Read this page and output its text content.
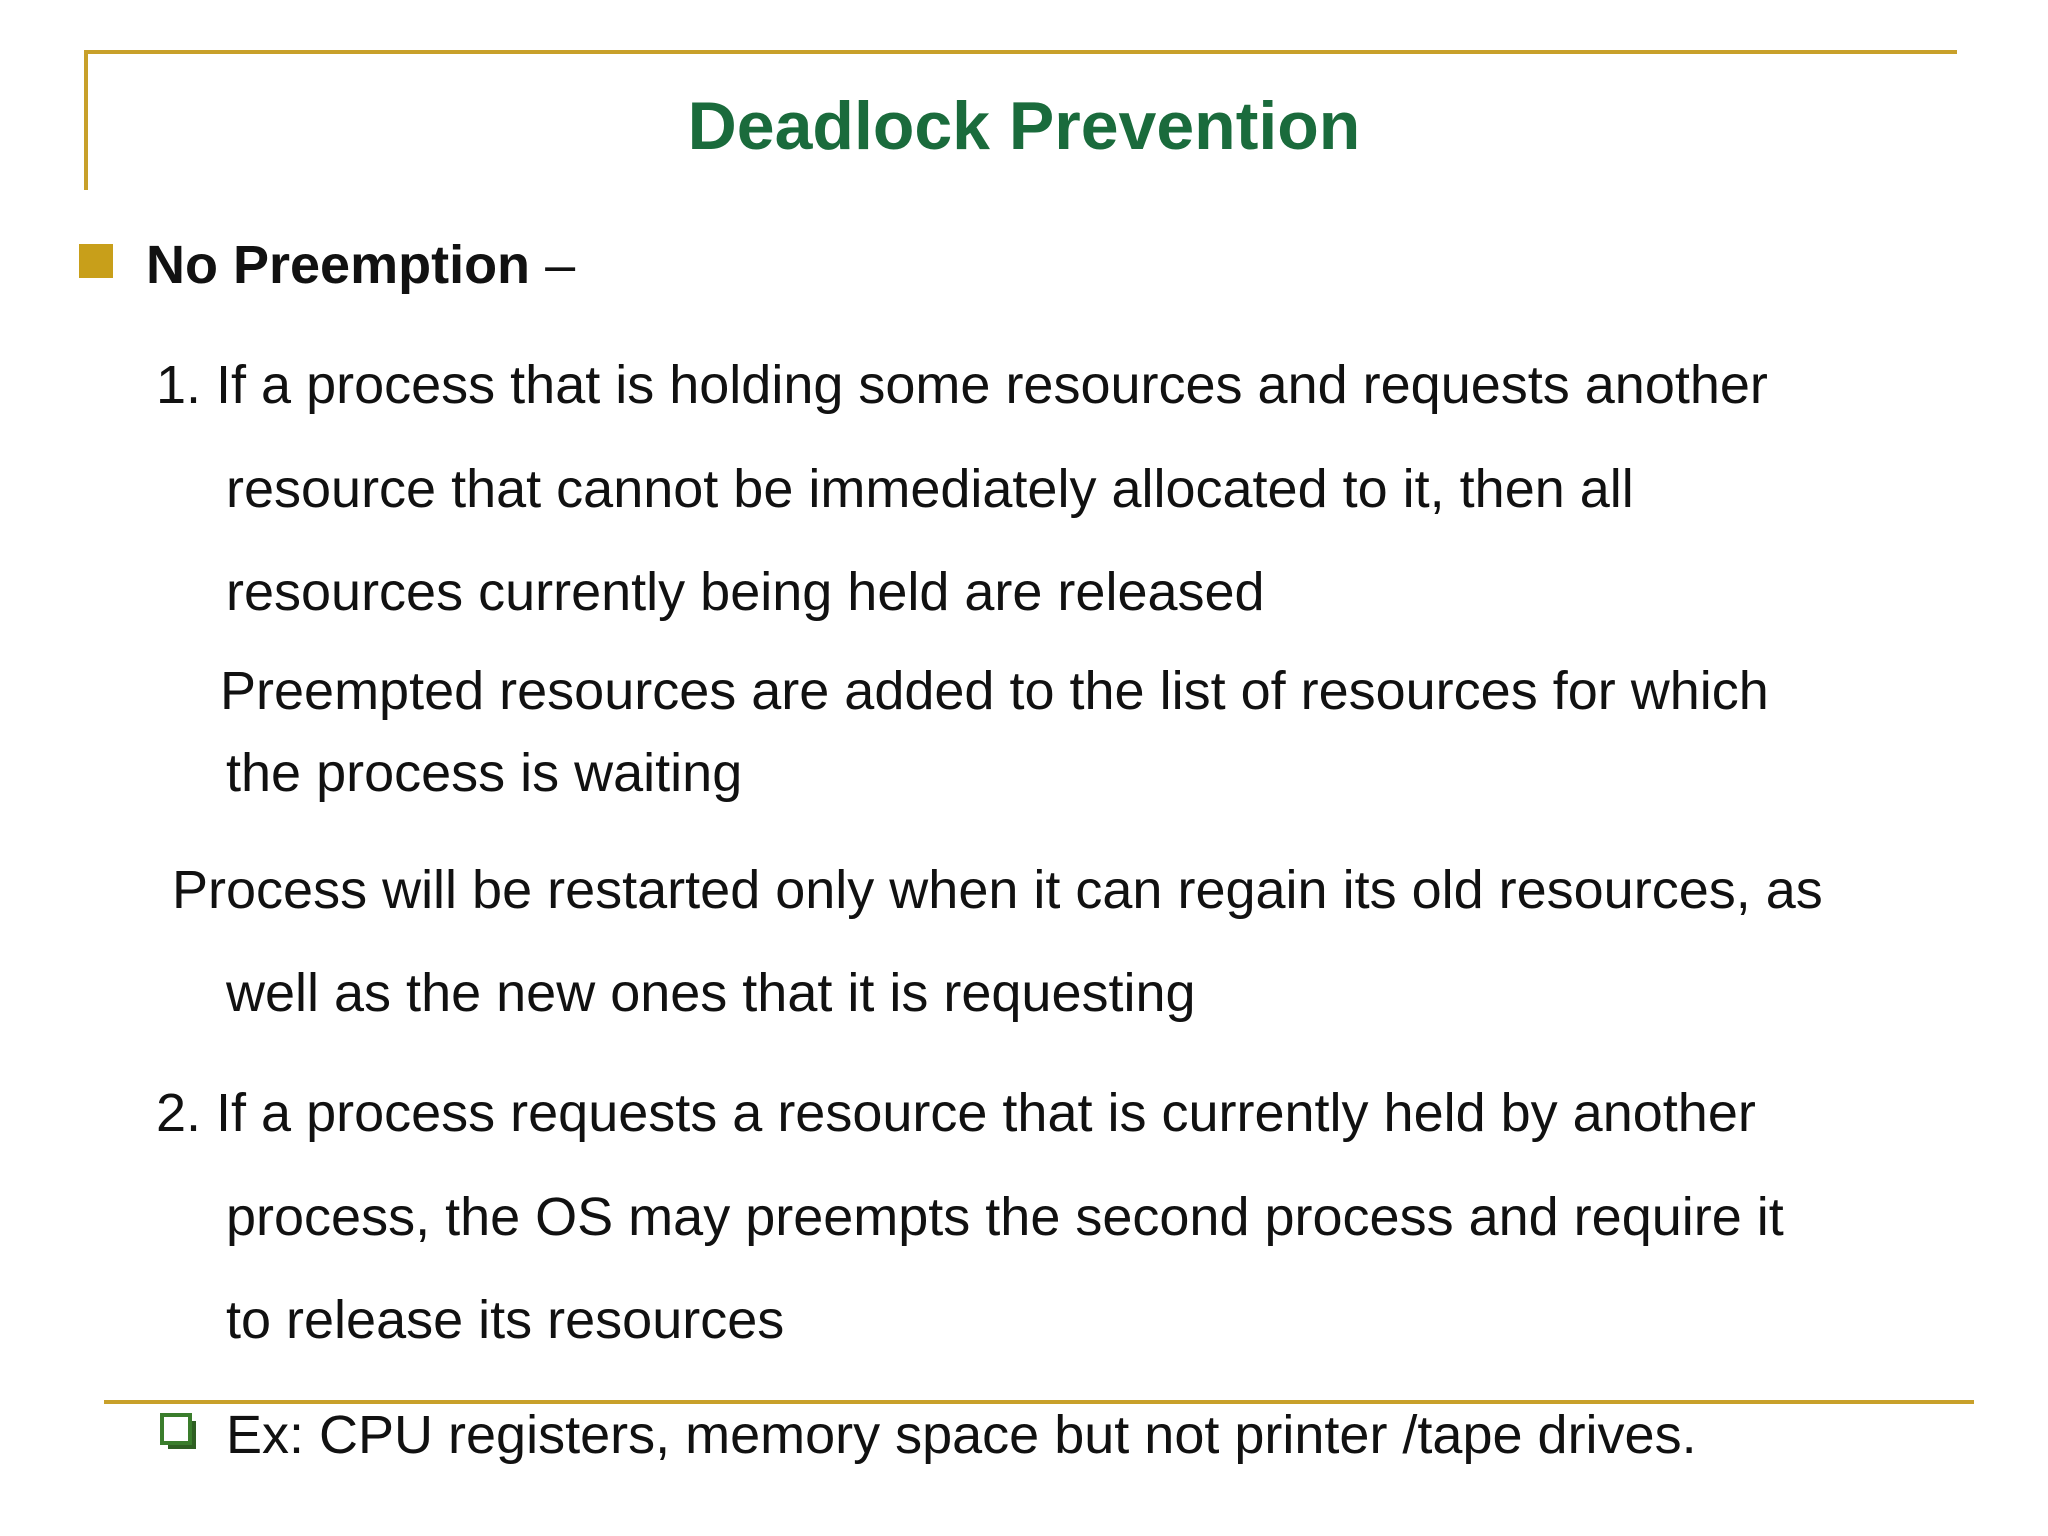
Deadlock Prevention
No Preemption –
1. If a process that is holding some resources and requests another
resource that cannot be immediately allocated to it, then all
resources currently being held are released
Preempted resources are added to the list of resources for which
the process is waiting
Process will be restarted only when it can regain its old resources, as
well as the new ones that it is requesting
2. If a process requests a resource that is currently held by another
process, the OS may preempts the second process and require it
to release its resources
Ex: CPU registers, memory space but not printer /tape drives.
